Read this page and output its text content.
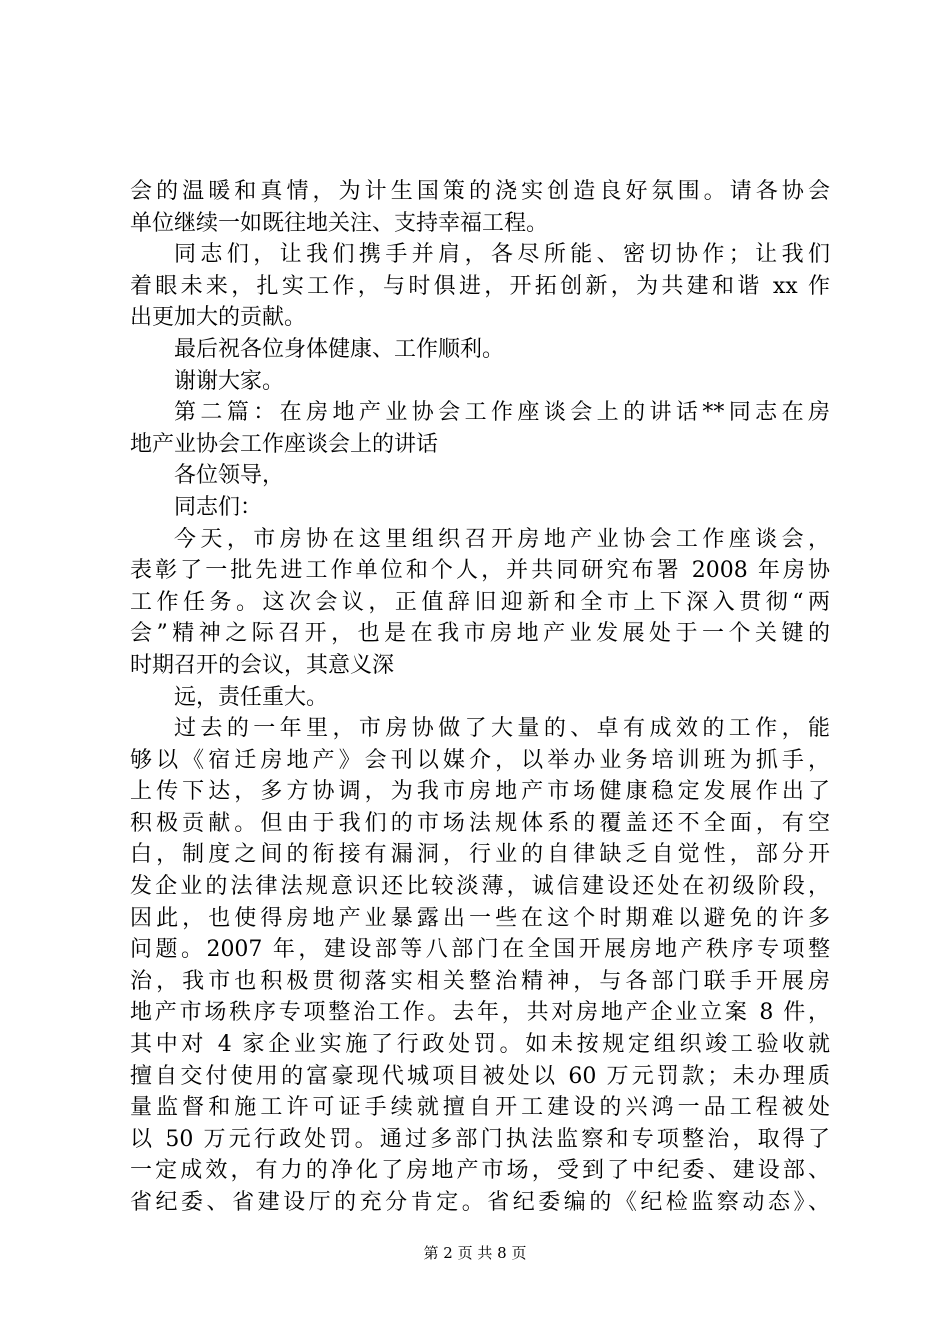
会的温暖和真情，为计生国策的浇实创造良好氛围。请各协会
单位继续一如既往地关注、支持幸福工程。
同志们，让我们携手并肩，各尽所能、密切协作；让我们
着眼未来，扎实工作，与时俱进，开拓创新，为共建和谐 xx 作
出更加大的贡献。
最后祝各位身体健康、工作顺利。
谢谢大家。
第二篇：在房地产业协会工作座谈会上的讲话**同志在房
地产业协会工作座谈会上的讲话
各位领导，
同志们：
今天，市房协在这里组织召开房地产业协会工作座谈会，
表彰了一批先进工作单位和个人，并共同研究布署 2008 年房协
工作任务。这次会议，正值辞旧迎新和全市上下深入贯彻“两
会”精神之际召开，也是在我市房地产业发展处于一个关键的
时期召开的会议，其意义深
远，责任重大。
过去的一年里，市房协做了大量的、卓有成效的工作，能
够以《宿迁房地产》会刊以媒介，以举办业务培训班为抓手，
上传下达，多方协调，为我市房地产市场健康稳定发展作出了
积极贡献。但由于我们的市场法规体系的覆盖还不全面，有空
白，制度之间的衔接有漏洞，行业的自律缺乏自觉性，部分开
发企业的法律法规意识还比较淡薄，诚信建设还处在初级阶段，
因此，也使得房地产业暴露出一些在这个时期难以避免的许多
问题。2007 年，建设部等八部门在全国开展房地产秩序专项整
治，我市也积极贯彻落实相关整治精神，与各部门联手开展房
地产市场秩序专项整治工作。去年，共对房地产企业立案 8 件，
其中对 4 家企业实施了行政处罚。如未按规定组织竣工验收就
擅自交付使用的富豪现代城项目被处以 60 万元罚款；未办理质
量监督和施工许可证手续就擅自开工建设的兴鸿一品工程被处
以 50 万元行政处罚。通过多部门执法监察和专项整治，取得了
一定成效，有力的净化了房地产市场，受到了中纪委、建设部、
省纪委、省建设厅的充分肯定。省纪委编的《纪检监察动态》、
第 2 页 共 8 页
